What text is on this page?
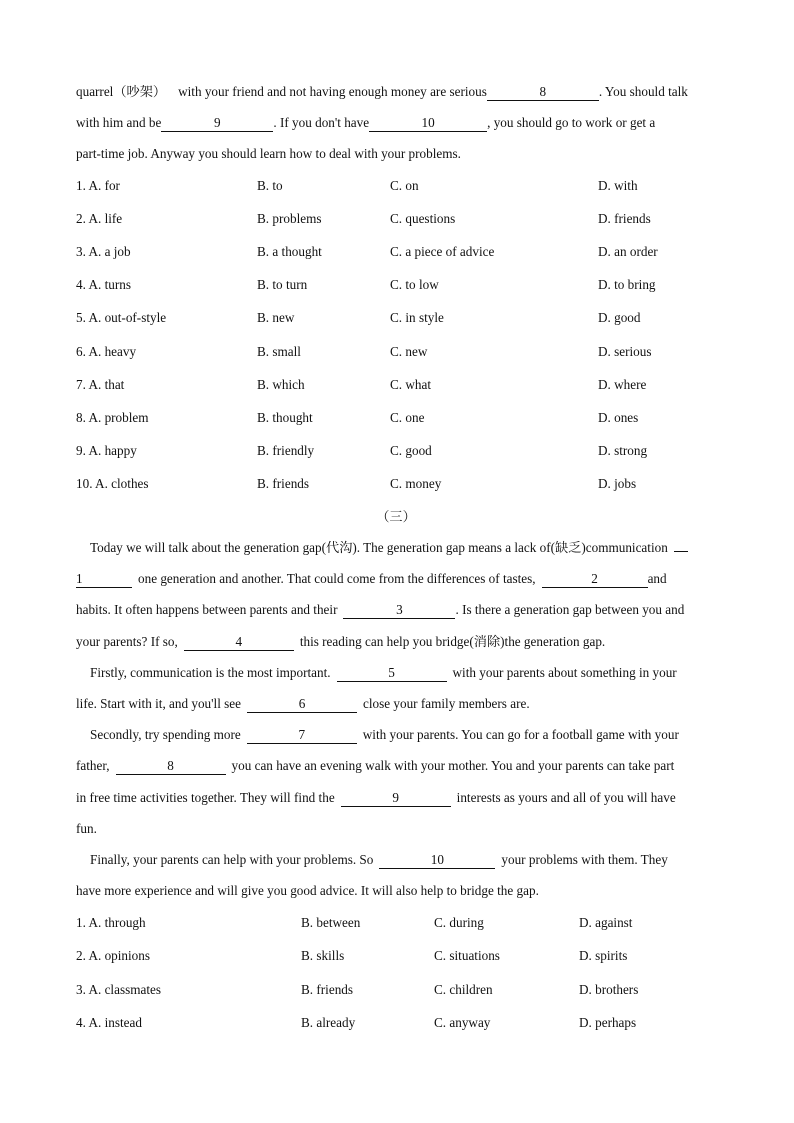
quarrel（吵架） with your friend and not having enough money are serious	8	. You should talk
with him and be	9	. If you don't have	10	, you should go to work or get a
part-time job. Anyway you should learn how to deal with your problems.
1. A. for	B. to	C. on	D. with
2. A. life	B. problems	C. questions	D. friends
3. A. a job	B. a thought	C. a piece of advice	D. an order
4. A. turns	B. to turn	C. to low	D. to bring
5. A. out-of-style	B. new	C. in style	D. good
6. A. heavy	B. small	C. new	D. serious
7. A. that	B. which	C. what	D. where
8. A. problem	B. thought	C. one	D. ones
9. A. happy	B. friendly	C. good	D. strong
10. A. clothes	B. friends	C. money	D. jobs
（三）
Today we will talk about the generation gap(代沟). The generation gap means a lack of(缺乏)communication
1	one generation and another. That could come from the differences of tastes,	2	and
habits. It often happens between parents and their	3	. Is there a generation gap between you and
your parents? If so,	4	this reading can help you bridge(消除)the generation gap.
Firstly, communication is the most important.	5	with your parents about something in your
life. Start with it, and you'll see	6	close your family members are.
Secondly, try spending more	7	with your parents. You can go for a football game with your
father,	8	you can have an evening walk with your mother. You and your parents can take part
in free time activities together. They will find the	9	interests as yours and all of you will have
fun.
Finally, your parents can help with your problems. So	10	your problems with them. They
have more experience and will give you good advice. It will also help to bridge the gap.
1. A. through	B. between	C. during	D. against
2. A. opinions	B. skills	C. situations	D. spirits
3. A. classmates	B. friends	C. children	D. brothers
4. A. instead	B. already	C. anyway	D. perhaps
